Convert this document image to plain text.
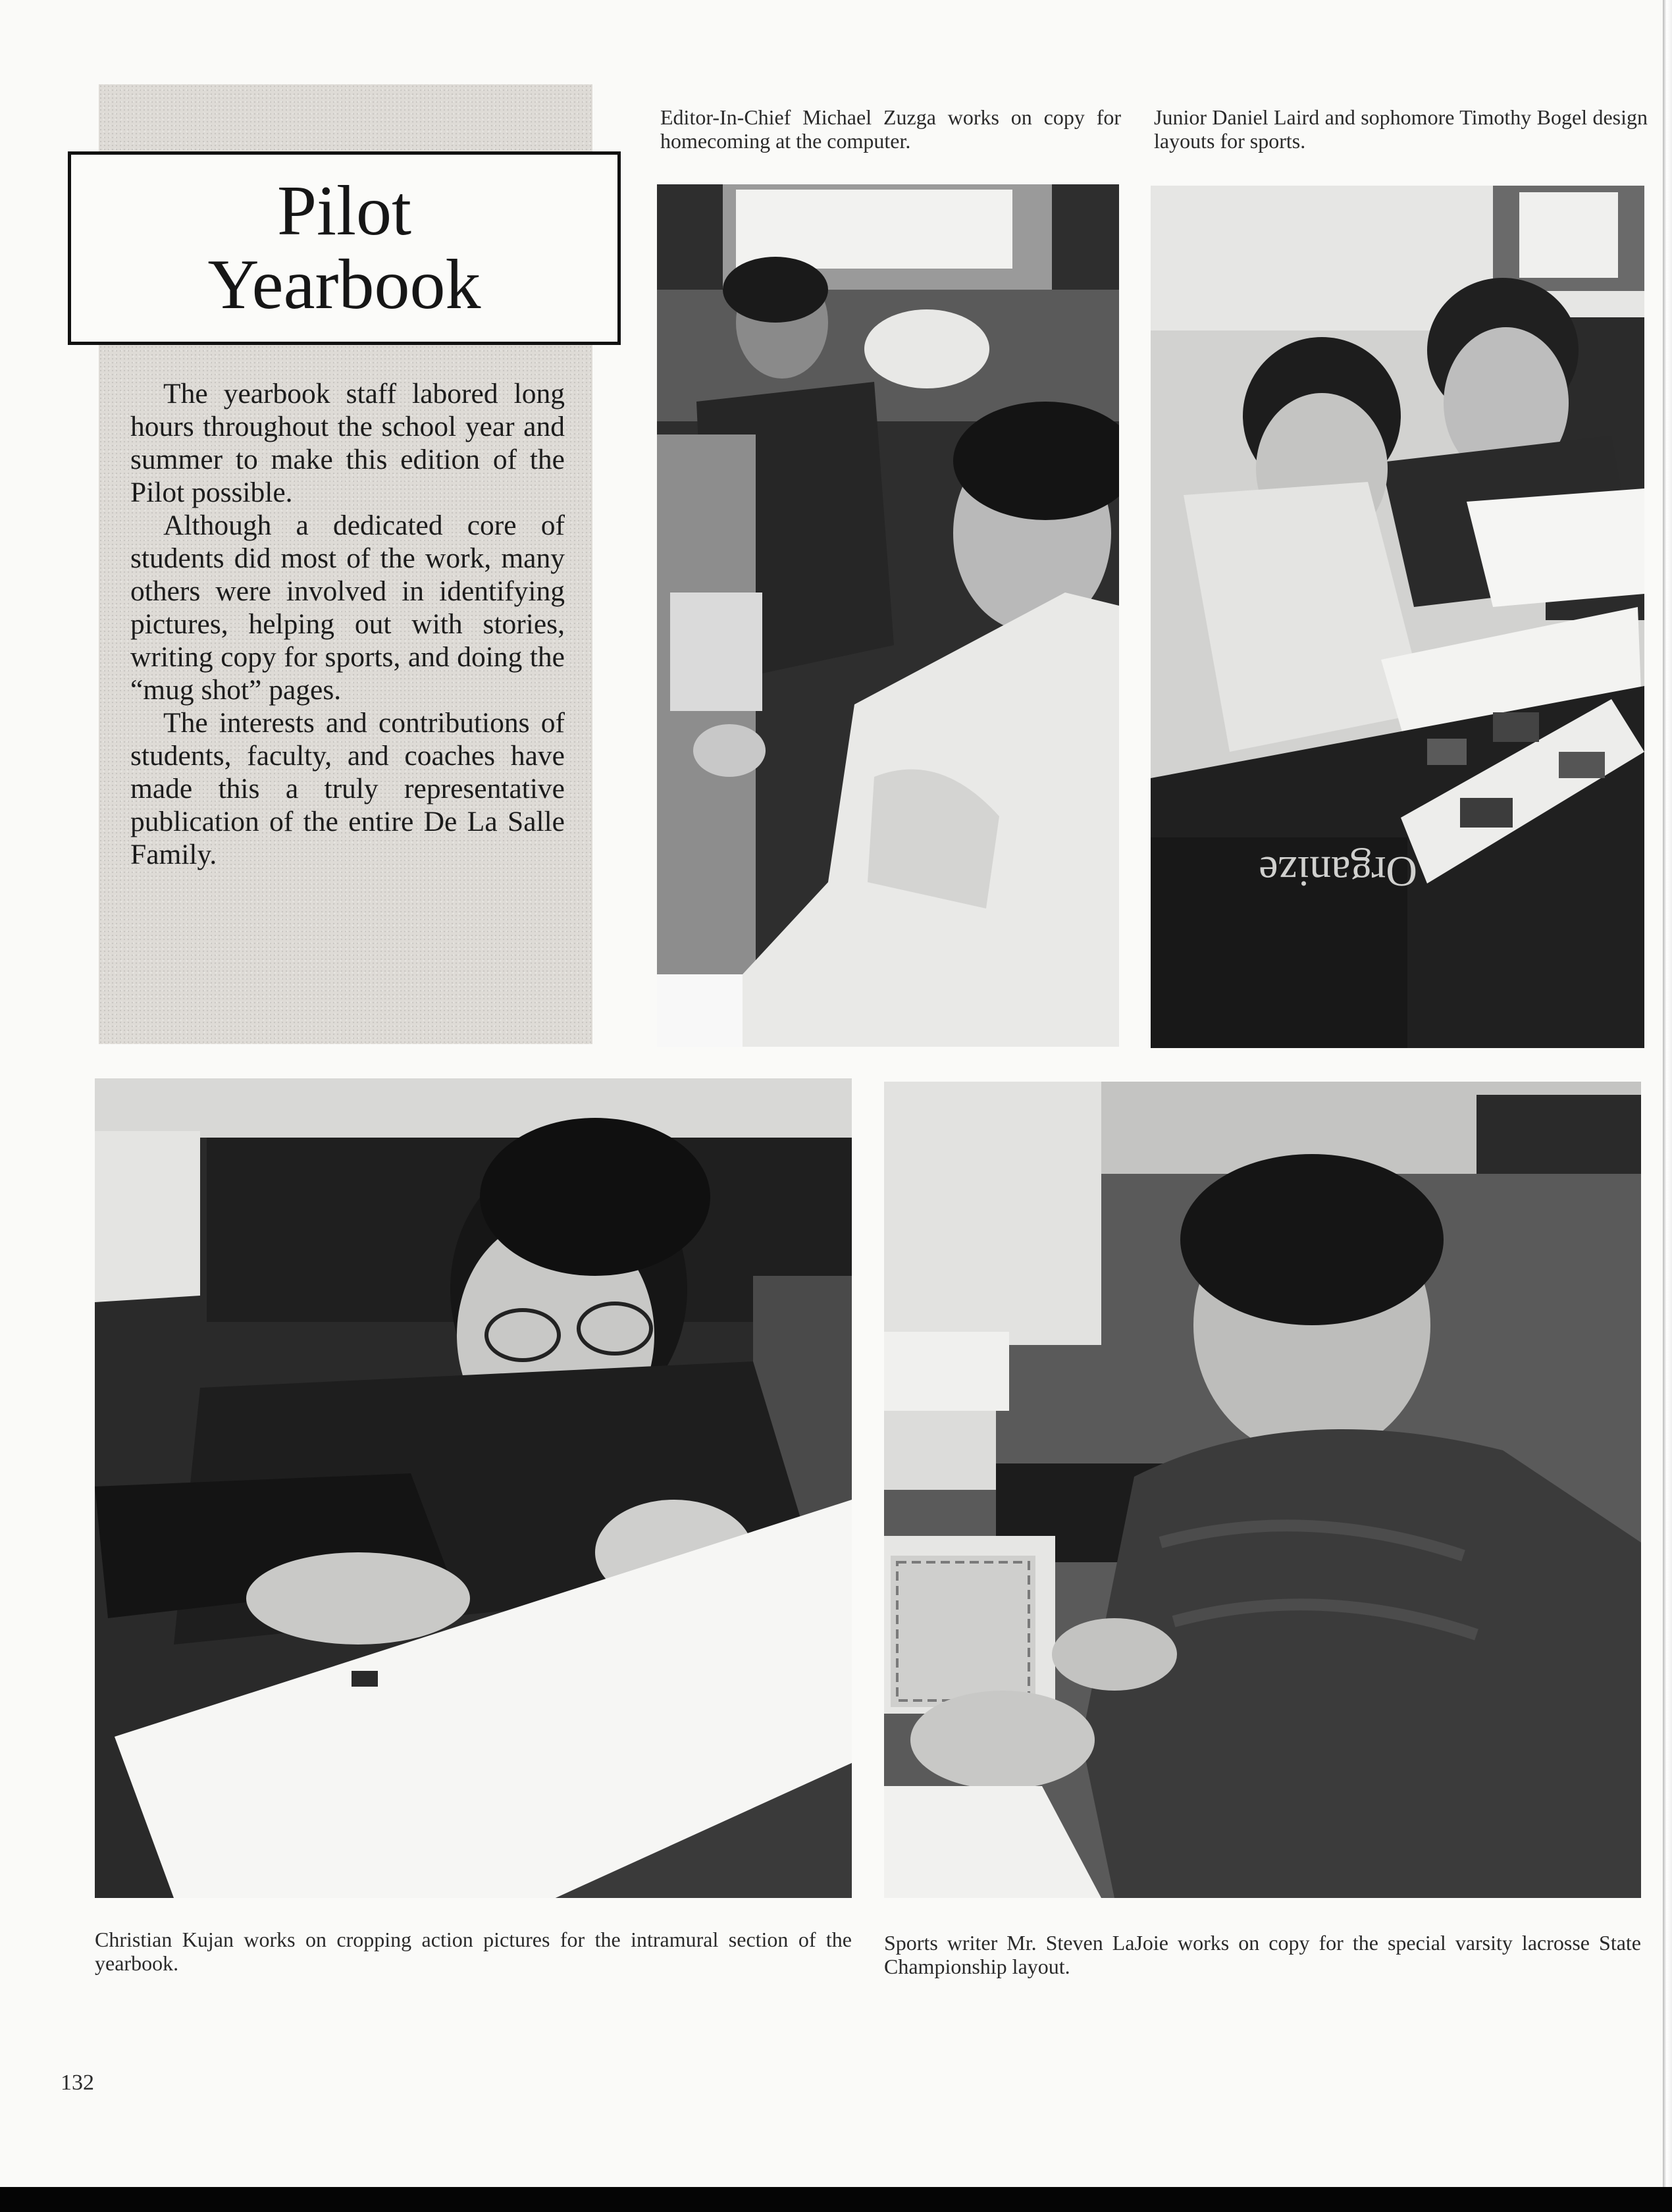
Pilot
Yearbook

The yearbook staff labored long hours throughout the school year and summer to make this edition of the Pilot possible.

Although a dedicated core of students did most of the work, many others were involved in identifying pictures, helping out with stories, writing copy for sports, and doing the “mug shot” pages.

The interests and contributions of students, faculty, and coaches have made this a truly representative publication of the entire De La Salle Family.

Editor-In-Chief Michael Zuzga works on copy for homecoming at the computer.
Junior Daniel Laird and sophomore Timothy Bogel design layouts for sports.
Organize
Christian Kujan works on cropping action pictures for the intramural section of the yearbook.
Sports writer Mr. Steven LaJoie works on copy for the special varsity lacrosse State Championship layout.
132
